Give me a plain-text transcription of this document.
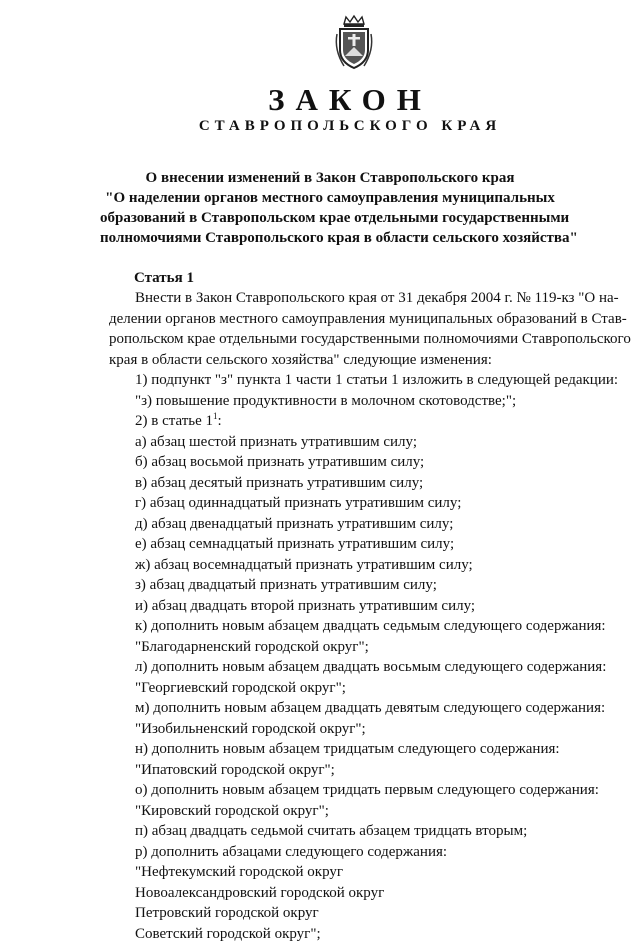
ЗАКОН
СТАВРОПОЛЬСКОГО КРАЯ
О внесении изменений в Закон Ставропольского края
"О наделении органов местного самоуправления муниципальных
образований в Ставропольском крае отдельными государственными
полномочиями Ставропольского края в области сельского хозяйства"
Статья 1
Внести в Закон Ставропольского края от 31 декабря 2004 г. № 119-кз "О на-
делении органов местного самоуправления муниципальных образований в Став-
ропольском крае отдельными государственными полномочиями Ставропольского
края в области сельского хозяйства" следующие изменения:
1) подпункт "з" пункта 1 части 1 статьи 1 изложить в следующей редакции:
"з) повышение продуктивности в молочном скотоводстве;";
2) в статье $1^1$:
а) абзац шестой признать утратившим силу;
б) абзац восьмой признать утратившим силу;
в) абзац десятый признать утратившим силу;
г) абзац одиннадцатый признать утратившим силу;
д) абзац двенадцатый признать утратившим силу;
е) абзац семнадцатый признать утратившим силу;
ж) абзац восемнадцатый признать утратившим силу;
з) абзац двадцатый признать утратившим силу;
и) абзац двадцать второй признать утратившим силу;
к) дополнить новым абзацем двадцать седьмым следующего содержания:
"Благодарненский городской округ";
л) дополнить новым абзацем двадцать восьмым следующего содержания:
"Георгиевский городской округ";
м) дополнить новым абзацем двадцать девятым следующего содержания:
"Изобильненский городской округ";
н) дополнить новым абзацем тридцатым следующего содержания:
"Ипатовский городской округ";
о) дополнить новым абзацем тридцать первым следующего содержания:
"Кировский городской округ";
п) абзац двадцать седьмой считать абзацем тридцать вторым;
р) дополнить абзацами следующего содержания:
"Нефтекумский городской округ
Новоалександровский городской округ
Петровский городской округ
Советский городской округ";
